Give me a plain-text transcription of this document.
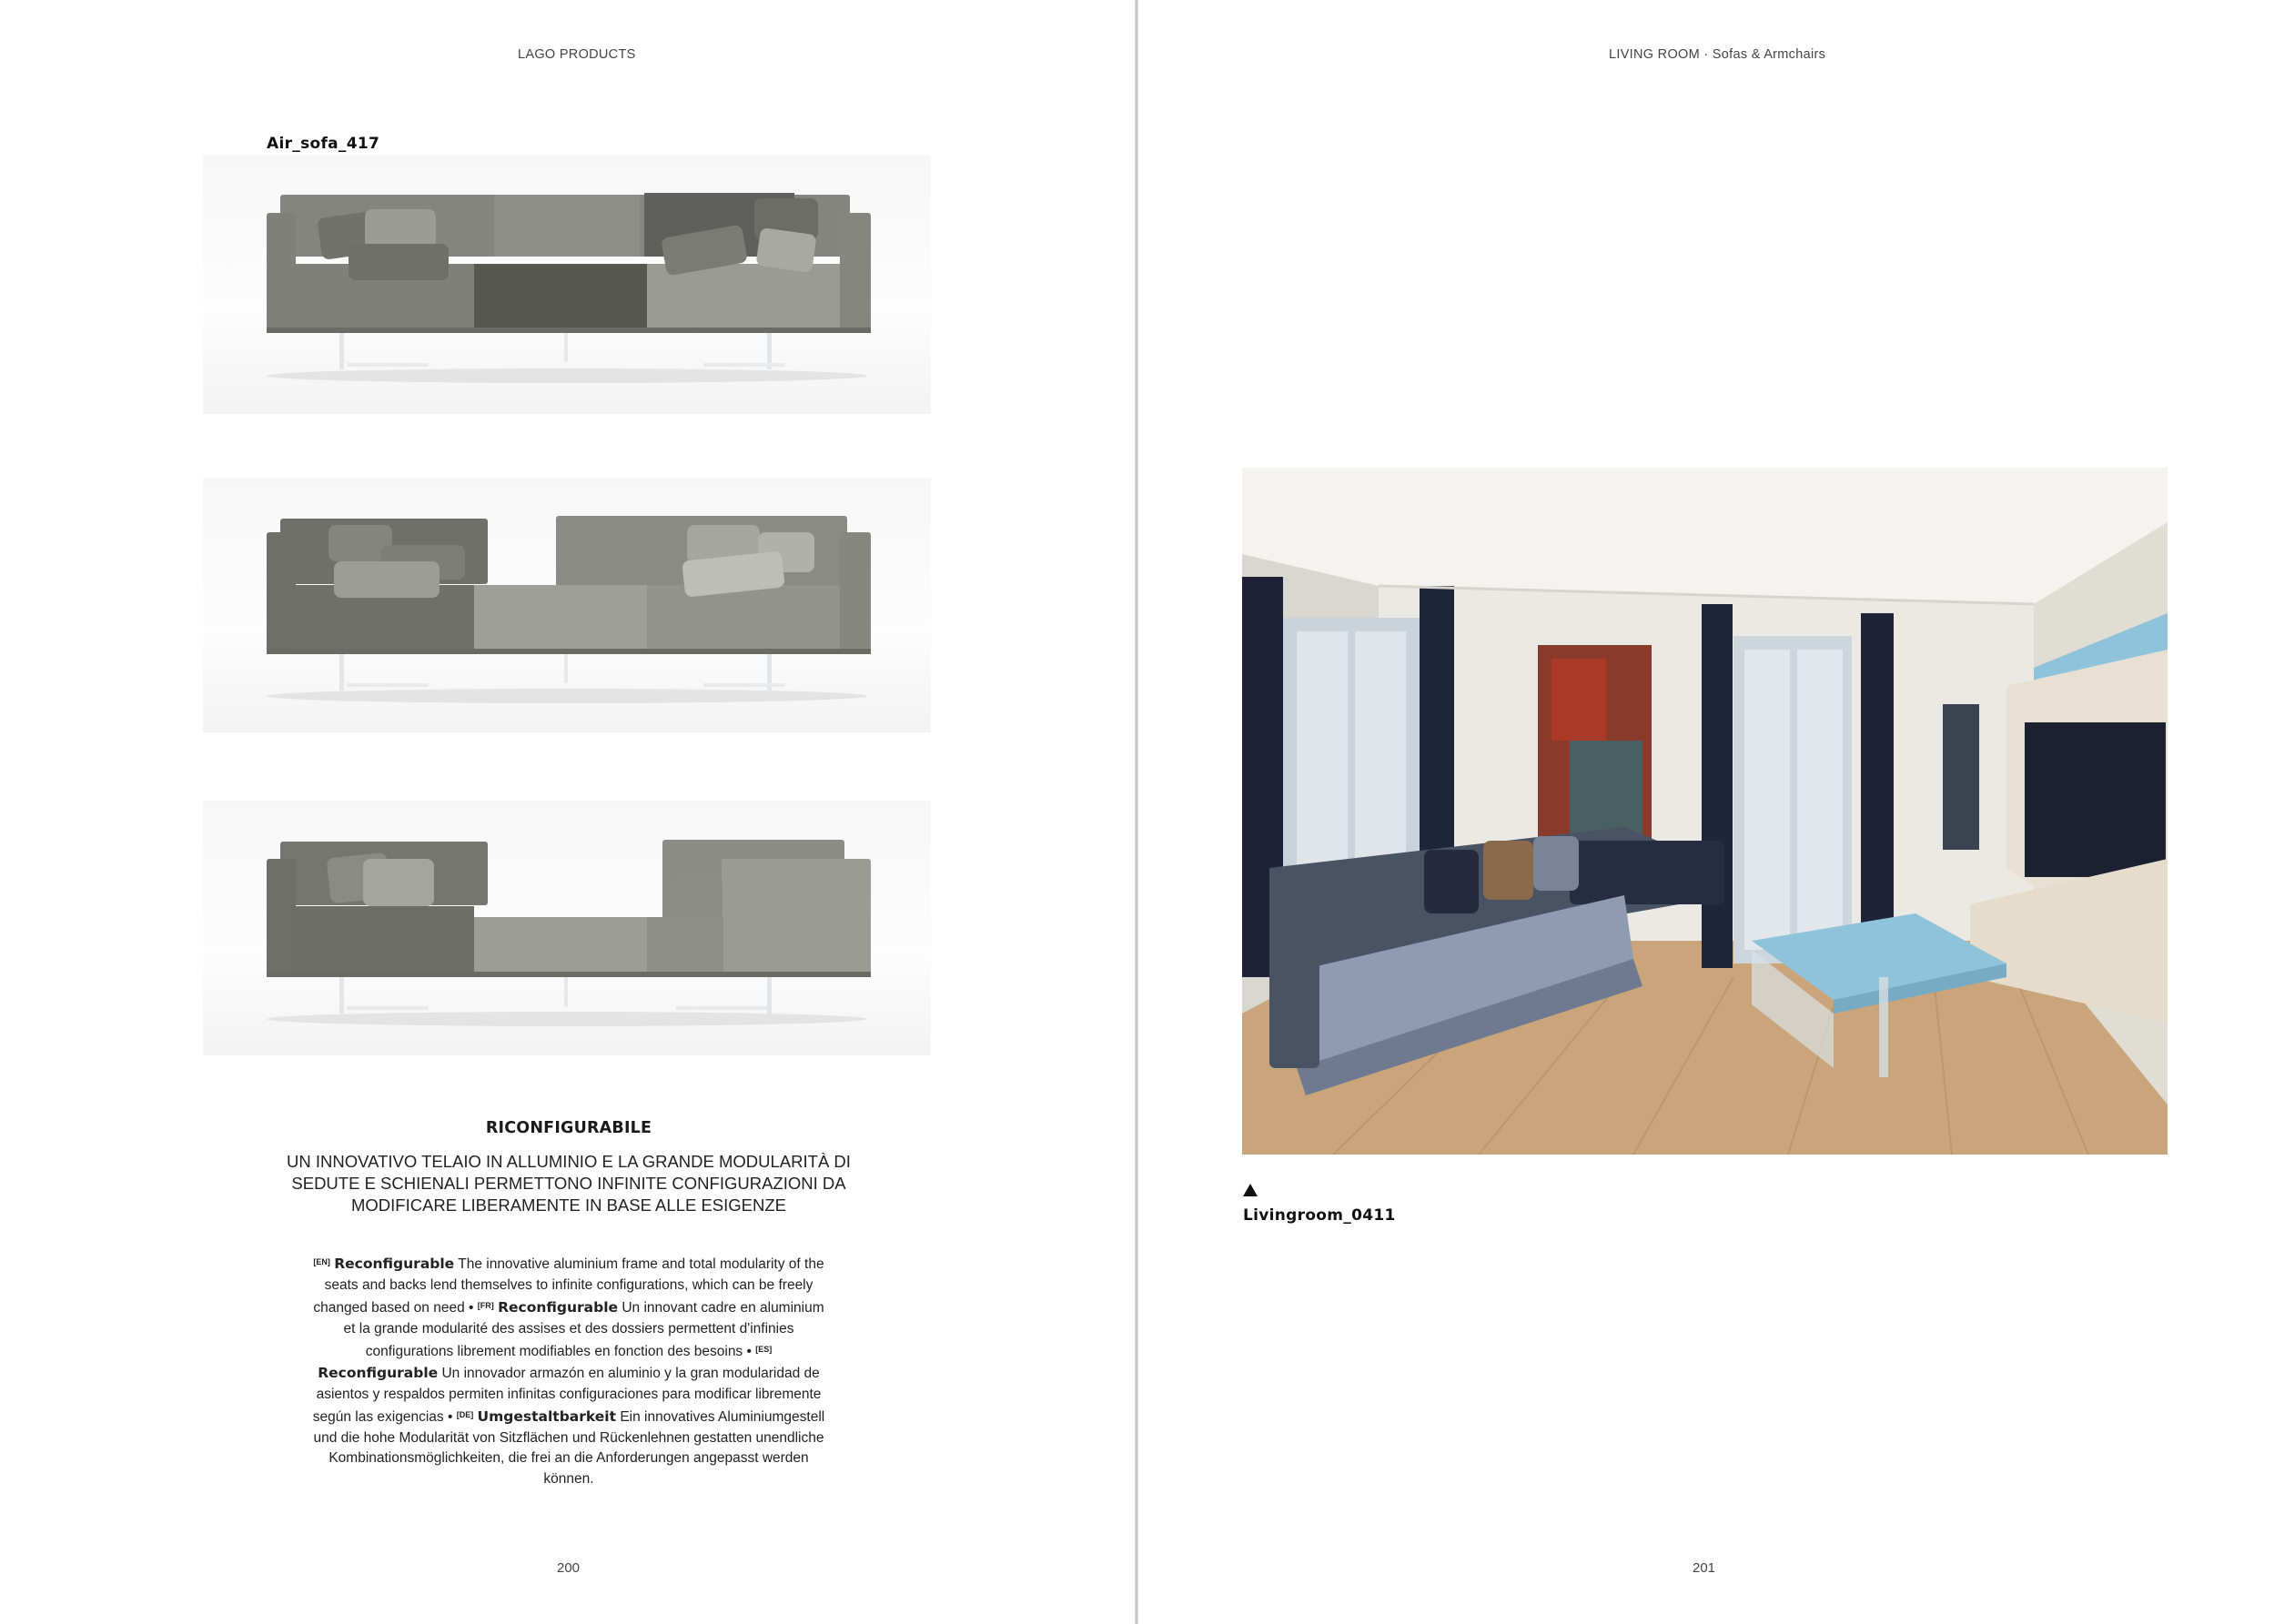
LAGO PRODUCTS
Air_sofa_417
RICONFIGURABILE
UN INNOVATIVO TELAIO IN ALLUMINIO E LA GRANDE MODULARITÀ DI SEDUTE E SCHIENALI PERMETTONO INFINITE CONFIGURAZIONI DA MODIFICARE LIBERAMENTE IN BASE ALLE ESIGENZE
[EN] Reconfigurable The innovative aluminium frame and total modularity of the seats and backs lend themselves to infinite configurations, which can be freely changed based on need • [FR] Reconfigurable Un innovant cadre en aluminium et la grande modularité des assises et des dossiers permettent d'infinies configurations librement modifiables en fonction des besoins • [ES] Reconfigurable Un innovador armazón en aluminio y la gran modularidad de asientos y respaldos permiten infinitas configuraciones para modificar libremente según las exigencias • [DE] Umgestaltbarkeit Ein innovatives Aluminiumgestell und die hohe Modularität von Sitzflächen und Rückenlehnen gestatten unendliche Kombinationsmöglichkeiten, die frei an die Anforderungen angepasst werden können.
200
LIVING ROOM · Sofas & Armchairs
Livingroom_0411
201
